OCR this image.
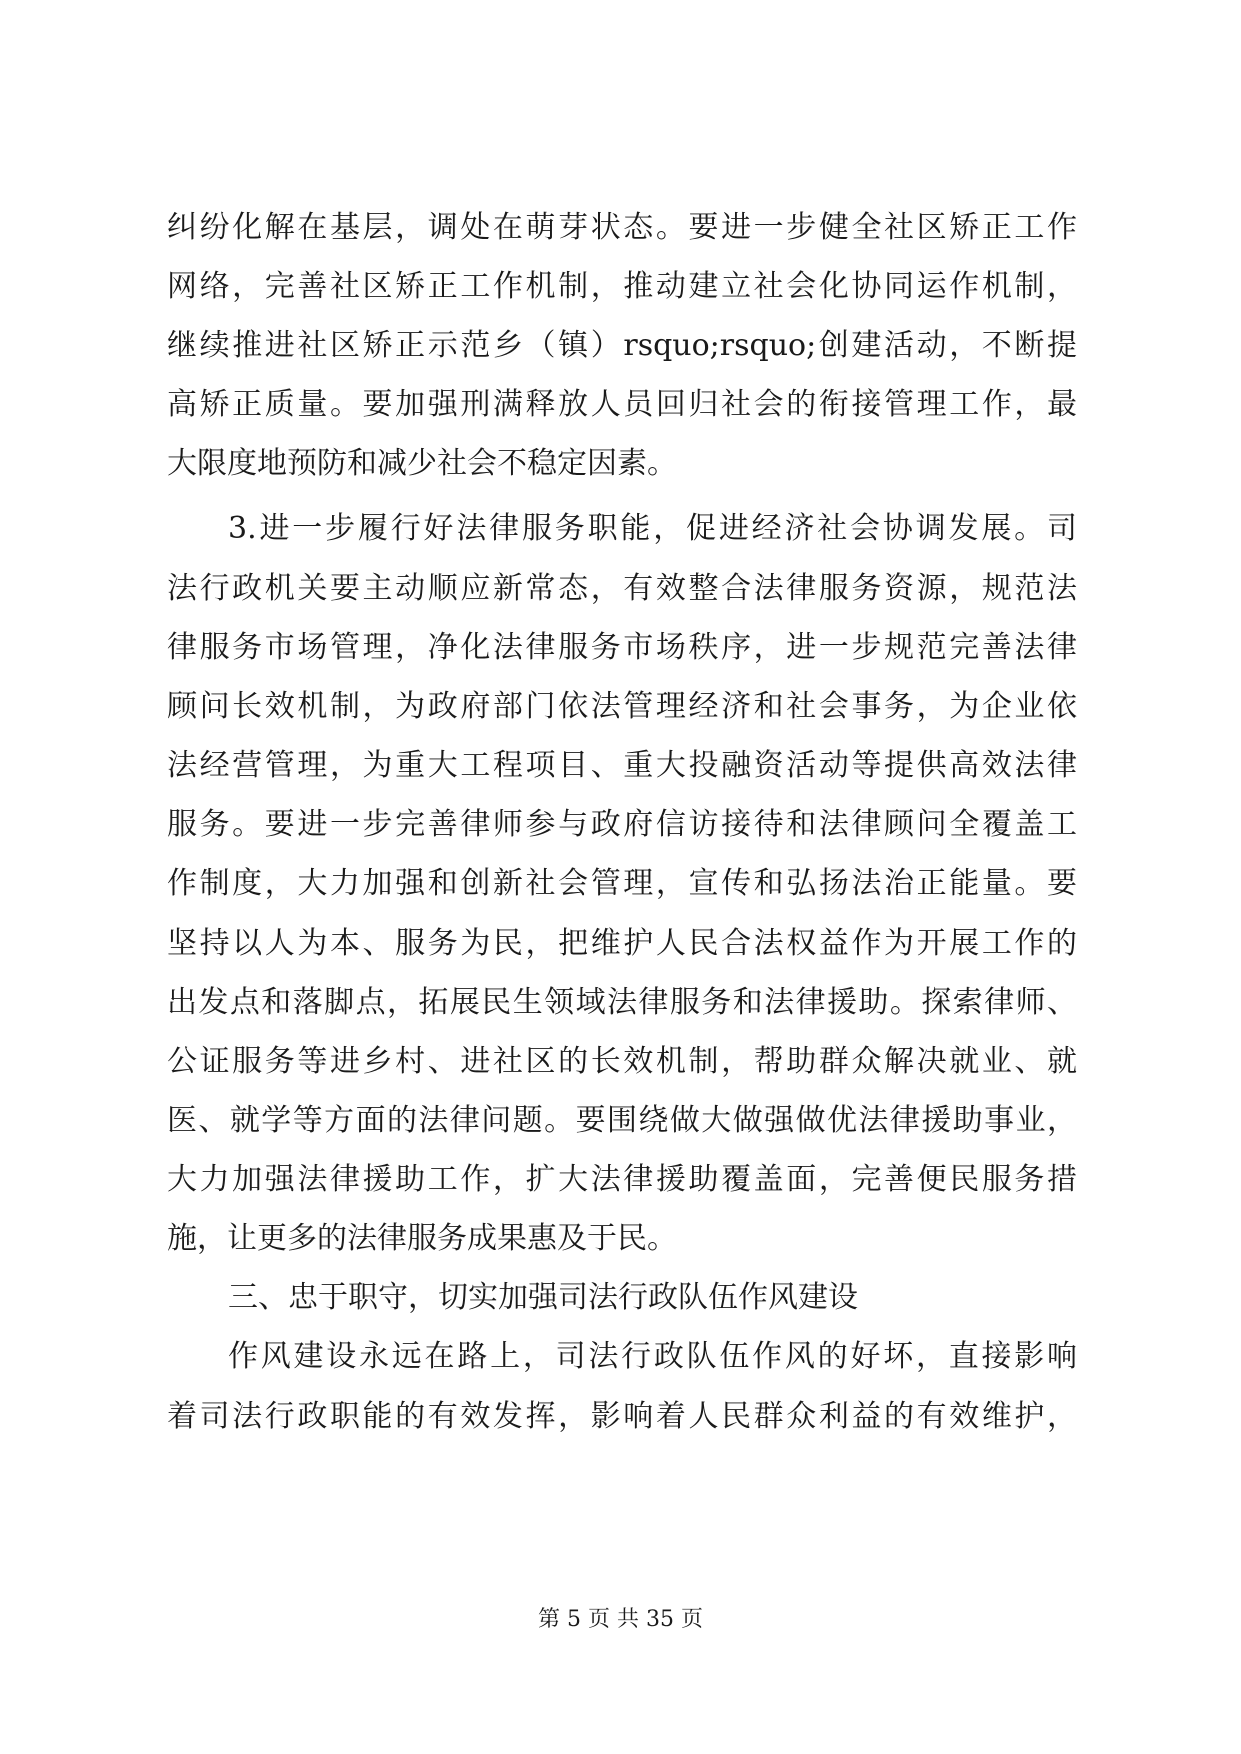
纠纷化解在基层，调处在萌芽状态。要进一步健全社区矫正工作
网络，完善社区矫正工作机制，推动建立社会化协同运作机制，
继续推进社区矫正示范乡（镇）rsquo;rsquo;创建活动，不断提
高矫正质量。要加强刑满释放人员回归社会的衔接管理工作，最
大限度地预防和减少社会不稳定因素。
3.进一步履行好法律服务职能，促进经济社会协调发展。司
法行政机关要主动顺应新常态，有效整合法律服务资源，规范法
律服务市场管理，净化法律服务市场秩序，进一步规范完善法律
顾问长效机制，为政府部门依法管理经济和社会事务，为企业依
法经营管理，为重大工程项目、重大投融资活动等提供高效法律
服务。要进一步完善律师参与政府信访接待和法律顾问全覆盖工
作制度，大力加强和创新社会管理，宣传和弘扬法治正能量。要
坚持以人为本、服务为民，把维护人民合法权益作为开展工作的
出发点和落脚点，拓展民生领域法律服务和法律援助。探索律师、
公证服务等进乡村、进社区的长效机制，帮助群众解决就业、就
医、就学等方面的法律问题。要围绕做大做强做优法律援助事业，
大力加强法律援助工作，扩大法律援助覆盖面，完善便民服务措
施，让更多的法律服务成果惠及于民。
三、忠于职守，切实加强司法行政队伍作风建设
作风建设永远在路上，司法行政队伍作风的好坏，直接影响
着司法行政职能的有效发挥，影响着人民群众利益的有效维护，
第 5 页 共 35 页
